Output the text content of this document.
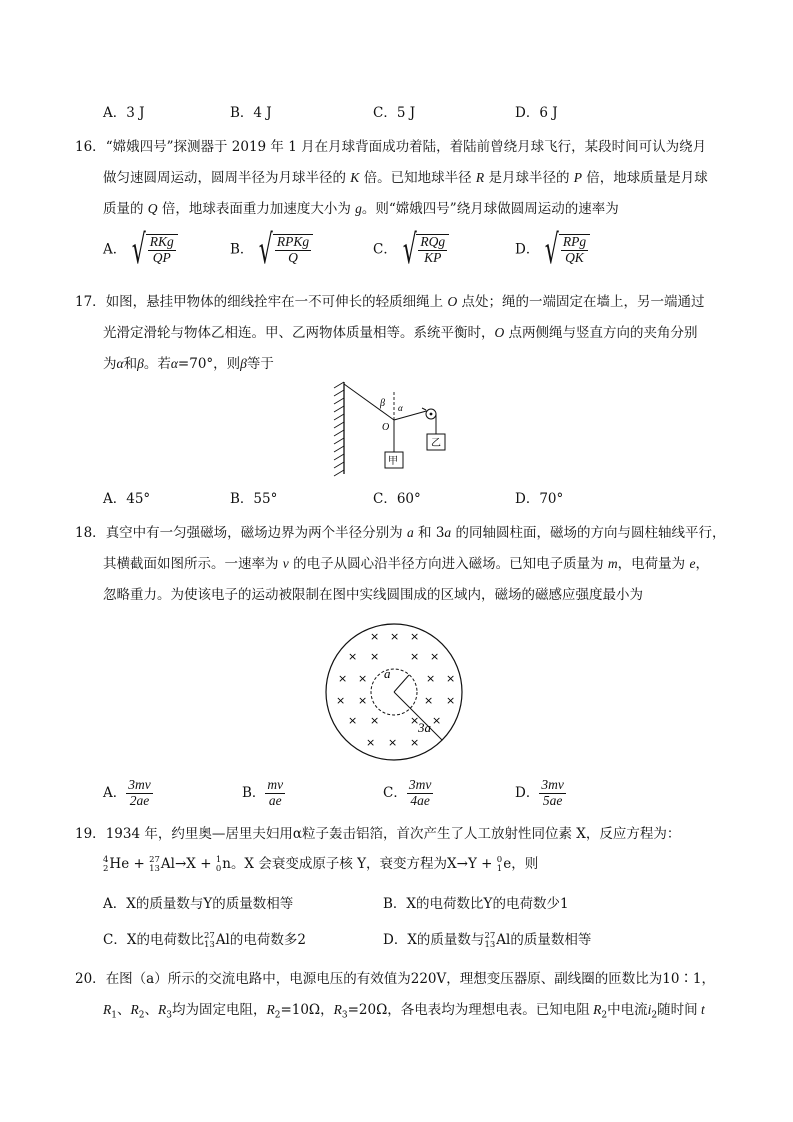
A．3 J	B．4 J	C．5 J	D．6 J
16．“嫦娥四号”探测器于 2019 年 1 月在月球背面成功着陆，着陆前曾绕月球飞行，某段时间可认为绕月
做匀速圆周运动，圆周半径为月球半径的 K 倍。已知地球半径 R 是月球半径的 P 倍，地球质量是月球
质量的 Q 倍，地球表面重力加速度大小为 g。则“嫦娥四号”绕月球做圆周运动的速率为
A． √ $\frac{\text{RKg}}{QP}$	B． √ $\frac{\text{RPKg}}{Q}$	C． √ $\frac{\text{RQg}}{KP}$	D． √ $\frac{\text{RPg}}{QK}$
17．如图，悬挂甲物体的细线拴牢在一不可伸长的轻质细绳上 O 点处；绳的一端固定在墙上，另一端通过
光滑定滑轮与物体乙相连。甲、乙两物体质量相等。系统平衡时，O 点两侧绳与竖直方向的夹角分别
为α和β。若α=70°，则β等于
β α
O
甲
乙
A．45°	B．55°	C．60°	D．70°
18．真空中有一匀强磁场，磁场边界为两个半径分别为 a 和 3a 的同轴圆柱面，磁场的方向与圆柱轴线平行，
其横截面如图所示。一速率为 v 的电子从圆心沿半径方向进入磁场。已知电子质量为 m，电荷量为 e，
忽略重力。为使该电子的运动被限制在图中实线圆围成的区域内，磁场的磁感应强度最小为
a
3a
× × ×
× ×	× ×
× ×	× ×
× ×	× ×
× ×	× ×
× × ×
A． $\frac{3mv}{2ae}$	B． $\frac{mv}{ae}$	C． $\frac{3mv}{4ae}$	D． $\frac{3mv}{5ae}$
19．1934 年，约里奥—居里夫妇用α粒子轰击铝箔，首次产生了人工放射性同位素 X，反应方程为：
4
2 He + 27
13 Al→X + 1
0 n。X 会衰变成原子核 Y，衰变方程为X→Y + 0
1 e，则
A．X的质量数与Y的质量数相等	B．X的电荷数比Y的电荷数少1
C．X的电荷数比 27
13 Al的电荷数多2	D．X的质量数与 27
13 Al的质量数相等
20．在图（a）所示的交流电路中，电源电压的有效值为220V，理想变压器原、副线圈的匝数比为10∶1，
$R_1$、$R_2$、$R_3$均为固定电阻，$R_2=10\Omega$，$R_3=20\Omega$，各电表均为理想电表。已知电阻 $R_2$中电流$i_2$随时间 t
